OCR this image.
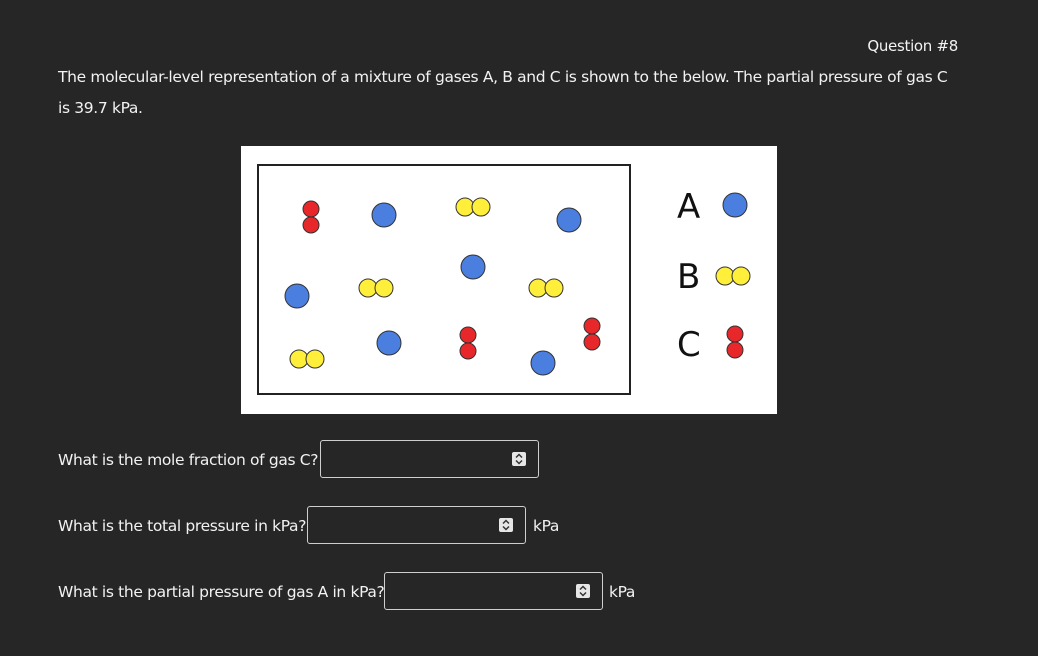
Question #8
The molecular-level representation of a mixture of gases A, B and C is shown to the below. The partial pressure of gas C is 39.7 kPa.
A
B
C
What is the mole fraction of gas C?
What is the total pressure in kPa?	kPa
What is the partial pressure of gas A in kPa?	kPa
